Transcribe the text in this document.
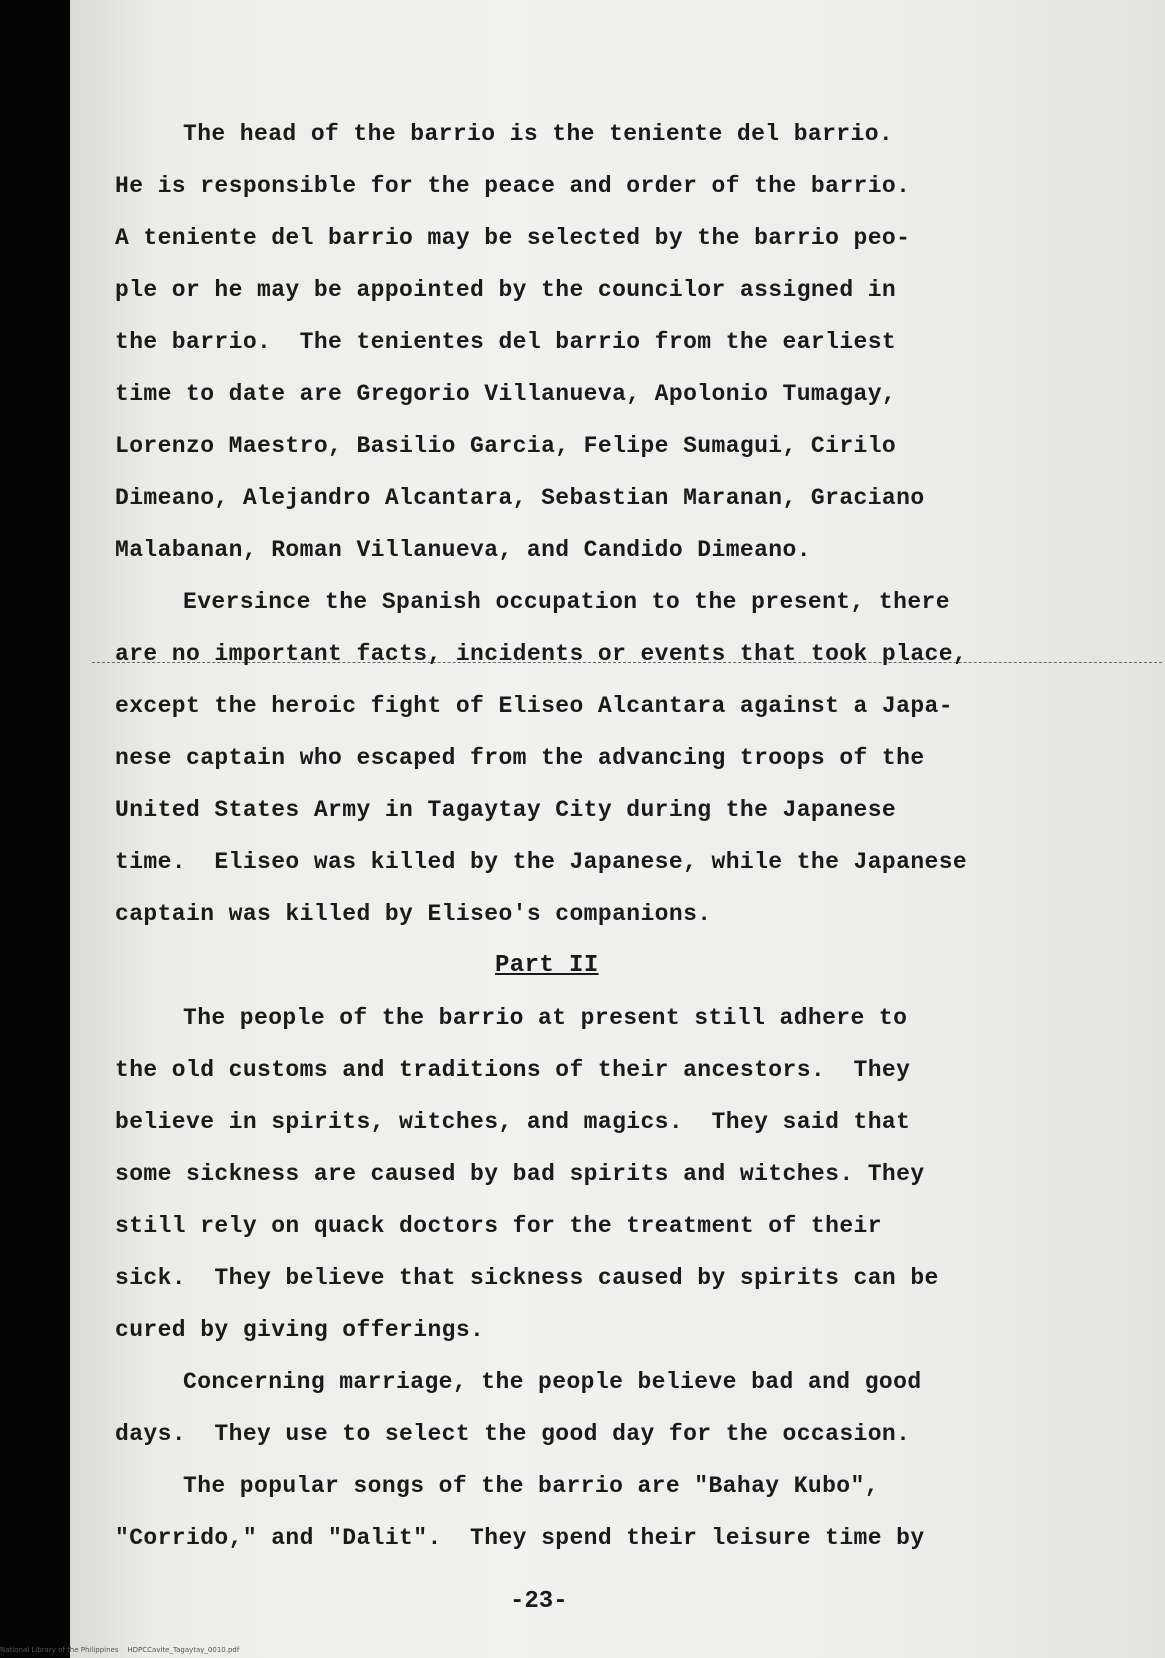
The head of the barrio is the teniente del barrio.
He is responsible for the peace and order of the barrio.
A teniente del barrio may be selected by the barrio peo-
ple or he may be appointed by the councilor assigned in
the barrio.  The tenientes del barrio from the earliest
time to date are Gregorio Villanueva, Apolonio Tumagay,
Lorenzo Maestro, Basilio Garcia, Felipe Sumagui, Cirilo
Dimeano, Alejandro Alcantara, Sebastian Maranan, Graciano
Malabanan, Roman Villanueva, and Candido Dimeano.
Eversince the Spanish occupation to the present, there
are no important facts, incidents or events that took place,
except the heroic fight of Eliseo Alcantara against a Japa-
nese captain who escaped from the advancing troops of the
United States Army in Tagaytay City during the Japanese
time.  Eliseo was killed by the Japanese, while the Japanese
captain was killed by Eliseo's companions.
Part II
The people of the barrio at present still adhere to
the old customs and traditions of their ancestors.  They
believe in spirits, witches, and magics.  They said that
some sickness are caused by bad spirits and witches. They
still rely on quack doctors for the treatment of their
sick.  They believe that sickness caused by spirits can be
cured by giving offerings.
Concerning marriage, the people believe bad and good
days.  They use to select the good day for the occasion.
The popular songs of the barrio are "Bahay Kubo",
"Corrido," and "Dalit".  They spend their leisure time by
-23-
National Library of the Philippines    HDPCCavite_Tagaytay_0010.pdf
